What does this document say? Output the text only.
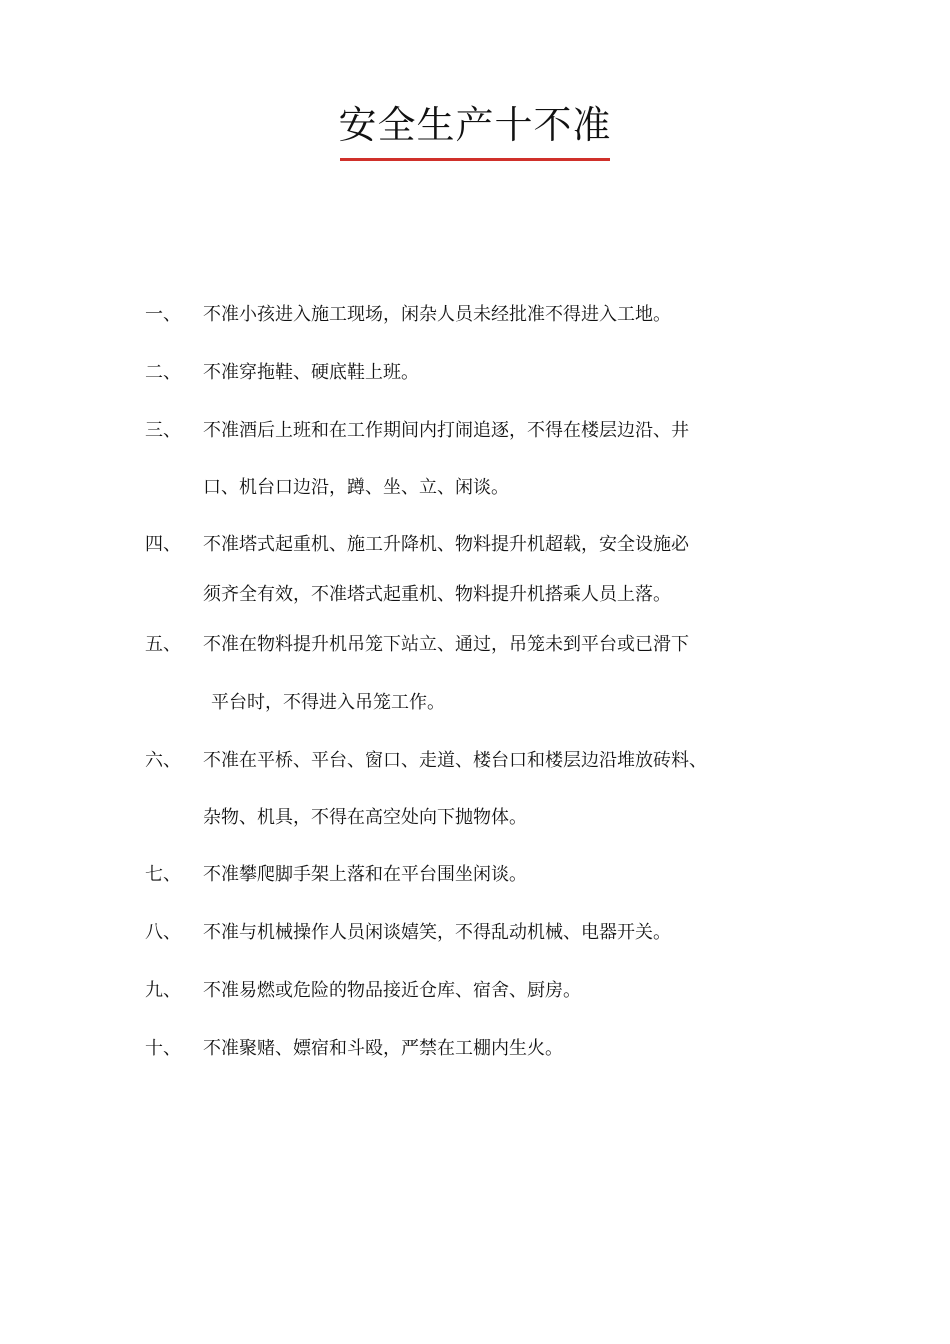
安全生产十不准
一、 不准小孩进入施工现场，闲杂人员未经批准不得进入工地。
二、 不准穿拖鞋、硬底鞋上班。
三、 不准酒后上班和在工作期间内打闹追逐，不得在楼层边沿、井
口、机台口边沿，蹲、坐、立、闲谈。
四、 不准塔式起重机、施工升降机、物料提升机超载，安全设施必
须齐全有效，不准塔式起重机、物料提升机搭乘人员上落。
五、 不准在物料提升机吊笼下站立、通过，吊笼未到平台或已滑下
平台时，不得进入吊笼工作。
六、 不准在平桥、平台、窗口、走道、楼台口和楼层边沿堆放砖料、
杂物、机具，不得在高空处向下抛物体。
七、 不准攀爬脚手架上落和在平台围坐闲谈。
八、 不准与机械操作人员闲谈嬉笑，不得乱动机械、电器开关。
九、 不准易燃或危险的物品接近仓库、宿舍、厨房。
十、 不准聚赌、嫖宿和斗殴，严禁在工棚内生火。
